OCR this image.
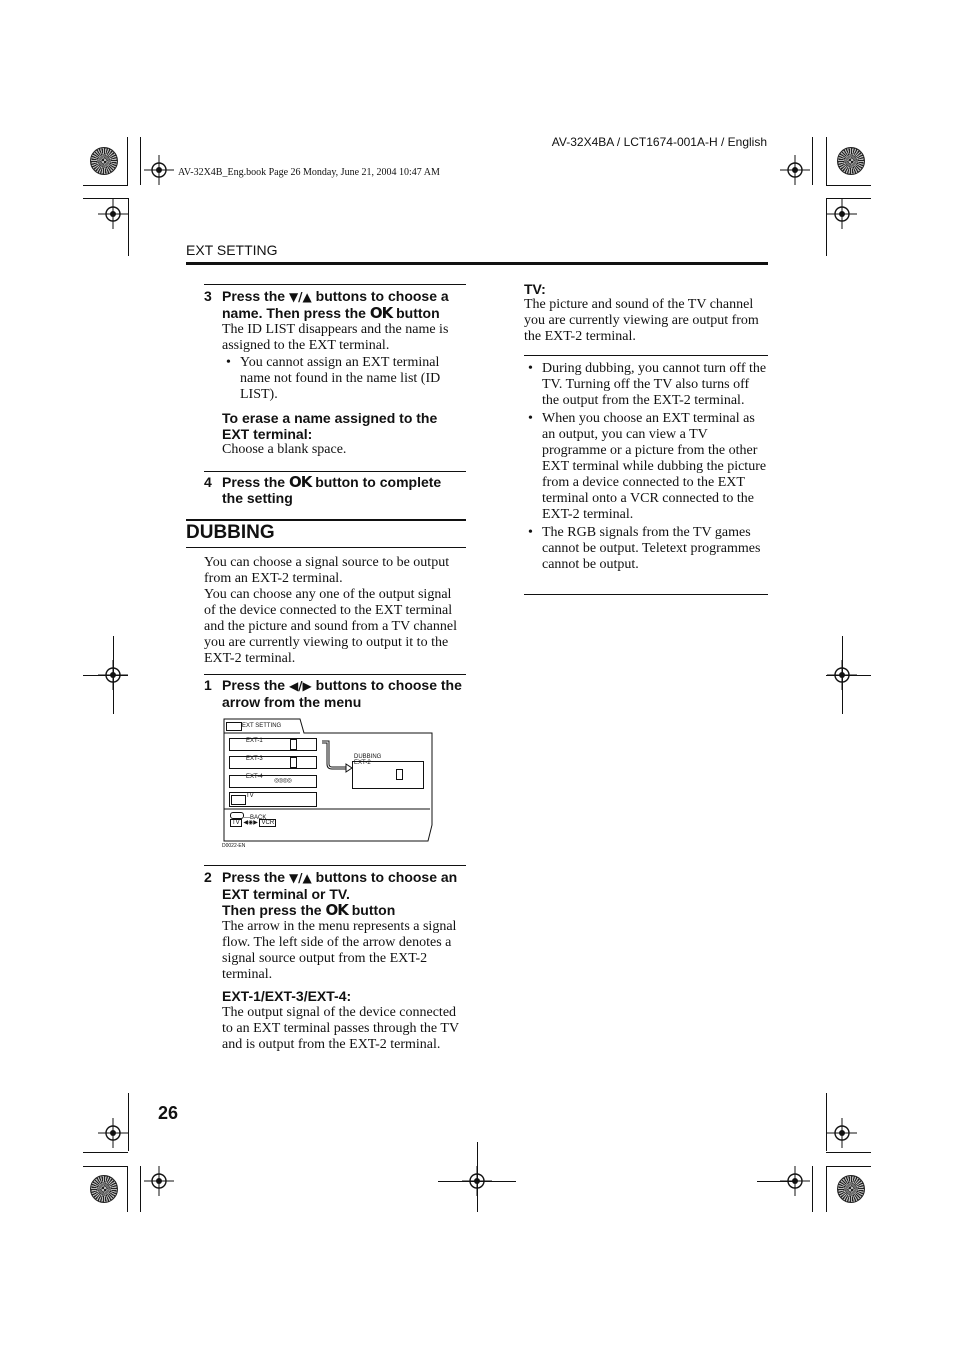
AV-32X4BA / LCT1674-001A-H / English
AV-32X4B_Eng.book Page 26 Monday, June 21, 2004 10:47 AM
EXT SETTING
3 Press the ▼/▲ buttons to choose a name. Then press the OK button
The ID LIST disappears and the name is assigned to the EXT terminal.
• You cannot assign an EXT terminal name not found in the name list (ID LIST).
To erase a name assigned to the EXT terminal:
Choose a blank space.
4 Press the OK button to complete the setting
DUBBING
You can choose a signal source to be output from an EXT-2 terminal.
You can choose any one of the output signal of the device connected to the EXT terminal and the picture and sound from a TV channel you are currently viewing to output it to the EXT-2 terminal.
1 Press the ◀/▶ buttons to choose the arrow from the menu
EXT SETTING
EXT-1
EXT-3
EXT-4
◎◎◎◎
TV
DUBBING
EXT-2
—BACK
TV ◀◉▶ VCR
D0022-EN
2 Press the ▼/▲ buttons to choose an EXT terminal or TV.
Then press the OK button
The arrow in the menu represents a signal flow. The left side of the arrow denotes a signal source output from the EXT-2 terminal.
EXT-1/EXT-3/EXT-4:
The output signal of the device connected to an EXT terminal passes through the TV and is output from the EXT-2 terminal.
TV:
The picture and sound of the TV channel you are currently viewing are output from the EXT-2 terminal.
• During dubbing, you cannot turn off the TV. Turning off the TV also turns off the output from the EXT-2 terminal.
• When you choose an EXT terminal as an output, you can view a TV programme or a picture from the other EXT terminal while dubbing the picture from a device connected to the EXT terminal onto a VCR connected to the EXT-2 terminal.
• The RGB signals from the TV games cannot be output. Teletext programmes cannot be output.
26
